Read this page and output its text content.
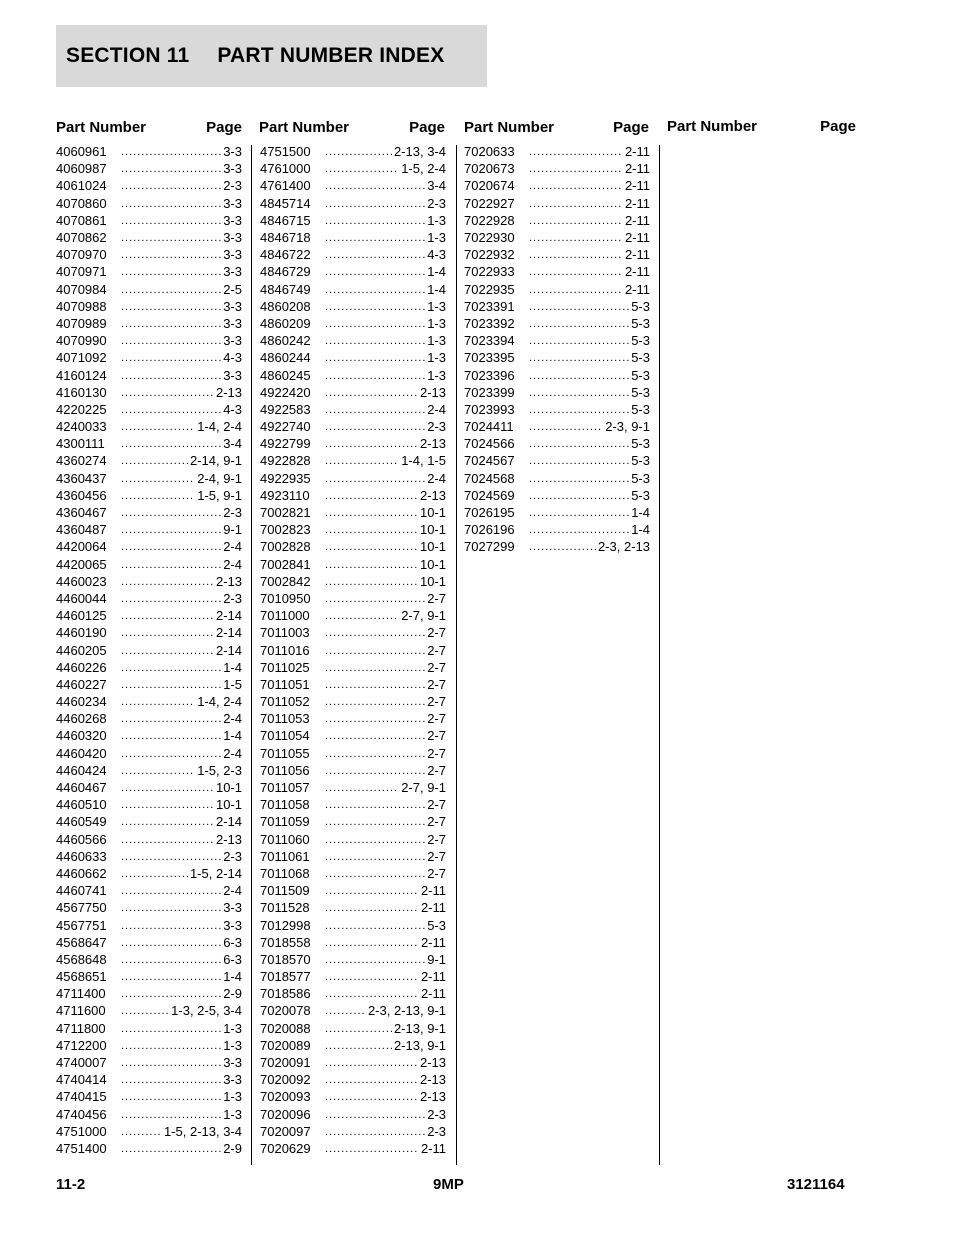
SECTION 11 PART NUMBER INDEX
Part Number	Page Part Number	Page Part Number	Page Part Number	Page
4060961 .....	3-3
4060987 .....	3-3
4061024 .....	2-3
4070860 .....	3-3
4070861 .....	3-3
4070862 .....	3-3
4070970 .....	3-3
4070971 .....	3-3
4070984 .....	2-5
4070988 .....	3-3
4070989 .....	3-3
4070990 .....	3-3
4071092 .....	4-3
4160124 .....	3-3
4160130 .....	2-13
4220225 .....	4-3
4240033 .....	1-4, 2-4
4300111 .....	3-4
4360274 .....	2-14, 9-1
4360437 .....	2-4, 9-1
4360456 .....	1-5, 9-1
4360467 .....	2-3
4360487 .....	9-1
4420064 .....	2-4
4420065 .....	2-4
4460023 .....	2-13
4460044 .....	2-3
4460125 .....	2-14
4460190 .....	2-14
4460205 .....	2-14
4460226 .....	1-4
4460227 .....	1-5
4460234 .....	1-4, 2-4
4460268 .....	2-4
4460320 .....	1-4
4460420 .....	2-4
4460424 .....	1-5, 2-3
4460467 .....	10-1
4460510 .....	10-1
4460549 .....	2-14
4460566 .....	2-13
4460633 .....	2-3
4460662 .....	1-5, 2-14
4460741 .....	2-4
4567750 .....	3-3
4567751 .....	3-3
4568647 .....	6-3
4568648 .....	6-3
4568651 .....	1-4
4711400 .....	2-9
4711600 .....	1-3, 2-5, 3-4
4711800 .....	1-3
4712200 .....	1-3
4740007 .....	3-3
4740414 .....	3-3
4740415 .....	1-3
4740456 .....	1-3
4751000 .....	1-5, 2-13, 3-4
4751400 .....	2-9
4751500 .....	2-13, 3-4
4761000 .....	1-5, 2-4
4761400 .....	3-4
4845714 .....	2-3
4846715 .....	1-3
4846718 .....	1-3
4846722 .....	4-3
4846729 .....	1-4
4846749 .....	1-4
4860208 .....	1-3
4860209 .....	1-3
4860242 .....	1-3
4860244 .....	1-3
4860245 .....	1-3
4922420 .....	2-13
4922583 .....	2-4
4922740 .....	2-3
4922799 .....	2-13
4922828 .....	1-4, 1-5
4922935 .....	2-4
4923110 .....	2-13
7002821 .....	10-1
7002823 .....	10-1
7002828 .....	10-1
7002841 .....	10-1
7002842 .....	10-1
7010950 .....	2-7
7011000 .....	2-7, 9-1
7011003 .....	2-7
7011016 .....	2-7
7011025 .....	2-7
7011051 .....	2-7
7011052 .....	2-7
7011053 .....	2-7
7011054 .....	2-7
7011055 .....	2-7
7011056 .....	2-7
7011057 .....	2-7, 9-1
7011058 .....	2-7
7011059 .....	2-7
7011060 .....	2-7
7011061 .....	2-7
7011068 .....	2-7
7011509 .....	2-11
7011528 .....	2-11
7012998 .....	5-3
7018558 .....	2-11
7018570 .....	9-1
7018577 .....	2-11
7018586 .....	2-11
7020078 .....	2-3, 2-13, 9-1
7020088 .....	2-13, 9-1
7020089 .....	2-13, 9-1
7020091 .....	2-13
7020092 .....	2-13
7020093 .....	2-13
7020096 .....	2-3
7020097 .....	2-3
7020629 .....	2-11
7020633 .....	2-11
7020673 .....	2-11
7020674 .....	2-11
7022927 .....	2-11
7022928 .....	2-11
7022930 .....	2-11
7022932 .....	2-11
7022933 .....	2-11
7022935 .....	2-11
7023391 .....	5-3
7023392 .....	5-3
7023394 .....	5-3
7023395 .....	5-3
7023396 .....	5-3
7023399 .....	5-3
7023993 .....	5-3
7024411 .....	2-3, 9-1
7024566 .....	5-3
7024567 .....	5-3
7024568 .....	5-3
7024569 .....	5-3
7026195 .....	1-4
7026196 .....	1-4
7027299 .....	2-3, 2-13
11-2	9MP	3121164
